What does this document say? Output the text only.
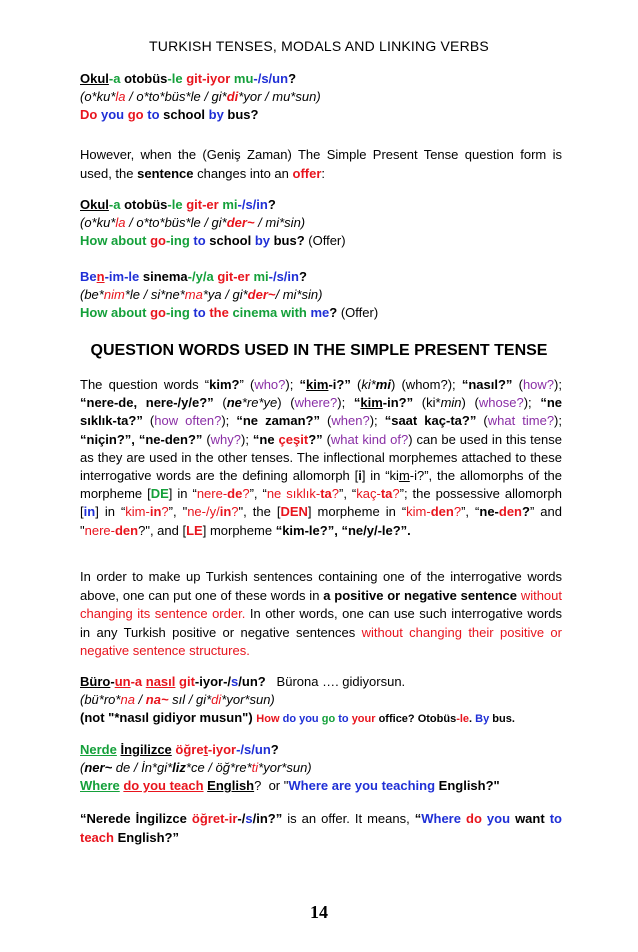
TURKISH TENSES, MODALS AND LINKING VERBS
Okul-a otobüs-le git-iyor mu-/s/un?
(o*ku*la / o*to*büs*le / gi*di*yor / mu*sun)
Do you go to school by bus?
However, when the (Geniş Zaman) The Simple Present Tense question form is used, the sentence changes into an offer:
Okul-a otobüs-le git-er mi-/s/in?
(o*ku*la / o*to*büs*le / gi*der~ / mi*sin)
How about go-ing to school by bus? (Offer)
Ben-im-le sinema-/y/a git-er mi-/s/in?
(be*nim*le / si*ne*ma*ya / gi*der~/ mi*sin)
How about go-ing to the cinema with me? (Offer)
QUESTION WORDS USED IN THE SIMPLE PRESENT TENSE
The question words “kim?” (who?); “kim-i?” (ki*mi) (whom?); “nasıl?” (how?); “nere-de, nere-/y/e?” (ne*re*ye) (where?); “kim-in?” (ki*min) (whose?); “ne sıklık-ta?” (how often?); “ne zaman?” (when?); “saat kaç-ta?” (what time?); “niçin?”, “ne-den?” (why?); “ne çeşit?” (what kind of?) can be used in this tense as they are used in the other tenses. The inflectional morphemes attached to these interrogative words are the defining allomorph [i] in “kim-i?”, the allomorphs of the morpheme [DE] in “nere-de?”, “ne sıklık-ta?”, “kaç-ta?”; the possessive allomorph [in] in “kim-in?”, "ne-/y/in?", the [DEN] morpheme in “kim-den?”, “ne-den?” and "nere-den?", and [LE] morpheme “kim-le?”, “ne/y/-le?”.
In order to make up Turkish sentences containing one of the interrogative words above, one can put one of these words in a positive or negative sentence without changing its sentence order. In other words, one can use such interrogative words in any Turkish positive or negative sentences without changing their positive or negative sentence structures.
Büro-un-a nasıl git-iyor-/s/un?   Bürona …. gidiyorsun.
(bü*ro*na / na~ sıl / gi*di*yor*sun)
(not "*nasıl gidiyor musun") How do you go to your office? Otobüs-le. By bus.
Nerde İngilizce öğret-iyor-/s/un?
(ner~ de / İn*gi*liz*ce / öğ*re*ti*yor*sun)
Where do you teach English?  or "Where are you teaching English?"
“Nerede İngilizce öğret-ir-/s/in?” is an offer. It means, “Where do you want to teach English?”
14
